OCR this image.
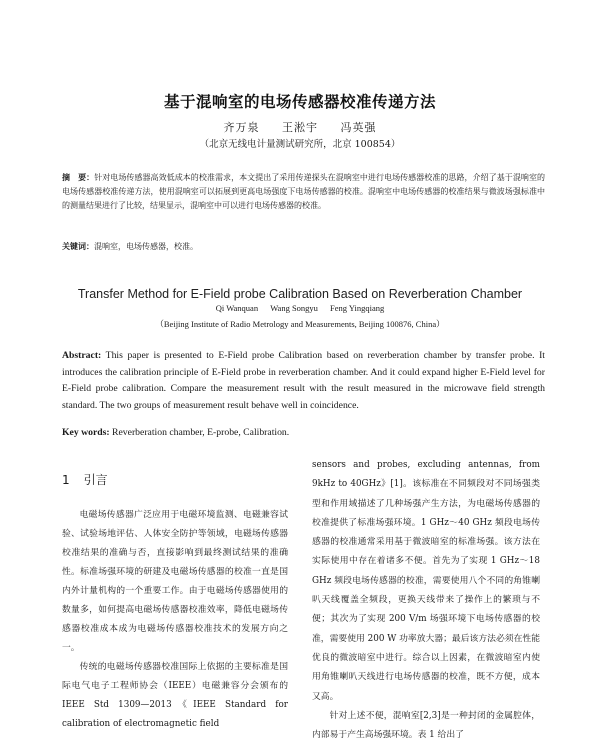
基于混响室的电场传感器校准传递方法
齐万泉 王淞宇 冯英强
（北京无线电计量测试研究所，北京 100854）
摘　要：针对电场传感器高效低成本的校准需求，本文提出了采用传递探头在混响室中进行电场传感器校准的思路，介绍了基于混响室的电场传感器校准传递方法，使用混响室可以拓展到更高电场强度下电场传感器的校准。混响室中电场传感器的校准结果与微波场强标准中的测量结果进行了比较，结果显示，混响室中可以进行电场传感器的校准。
关键词：混响室，电场传感器，校准。
Transfer Method for E-Field probe Calibration Based on Reverberation Chamber
Qi Wanquan Wang Songyu Feng Yingqiang
（Beijing Institute of Radio Metrology and Measurements, Beijing 100876, China）
Abstract: This paper is presented to E-Field probe Calibration based on reverberation chamber by transfer probe. It introduces the calibration principle of E-Field probe in reverberation chamber. And it could expand higher E-Field level for E-Field probe calibration. Compare the measurement result with the result measured in the microwave field strength standard. The two groups of measurement result behave well in coincidence.
Key words: Reverberation chamber, E-probe, Calibration.
1 引言

电磁场传感器广泛应用于电磁环境监测、电磁兼容试验、试验场地评估、人体安全防护等领域，电磁场传感器校准结果的准确与否，直接影响到最终测试结果的准确性。标准场强环境的研建及电磁场传感器的校准一直是国内外计量机构的一个重要工作。由于电磁场传感器使用的数量多，如何提高电磁场传感器校准效率，降低电磁场传感器校准成本成为电磁场传感器校准技术的发展方向之一。

传统的电磁场传感器校准国际上依据的主要标准是国际电气电子工程师协会（IEEE）电磁兼容分会颁布的 IEEE Std 1309—2013《IEEE Standard for calibration of electromagnetic field

sensors and probes, excluding antennas, from 9kHz to 40GHz》[1]。该标准在不同频段对不同场强类型和作用域描述了几种场强产生方法，为电磁场传感器的校准提供了标准场强环境。1 GHz～40 GHz 频段电场传感器的校准通常采用基于微波暗室的标准场强。该方法在实际使用中存在着诸多不便。首先为了实现 1 GHz～18 GHz 频段电场传感器的校准，需要使用八个不同的角锥喇叭天线覆盖全频段，更换天线带来了操作上的繁琐与不便；其次为了实现 200 V/m 场强环境下电场传感器的校准，需要使用 200 W 功率放大器；最后该方法必须在性能优良的微波暗室中进行。综合以上因素，在微波暗室内使用角锥喇叭天线进行电场传感器的校准，既不方便，成本又高。

针对上述不便，混响室[2,3]是一种封闭的金属腔体，内部易于产生高场强环境。表 1 给出了
